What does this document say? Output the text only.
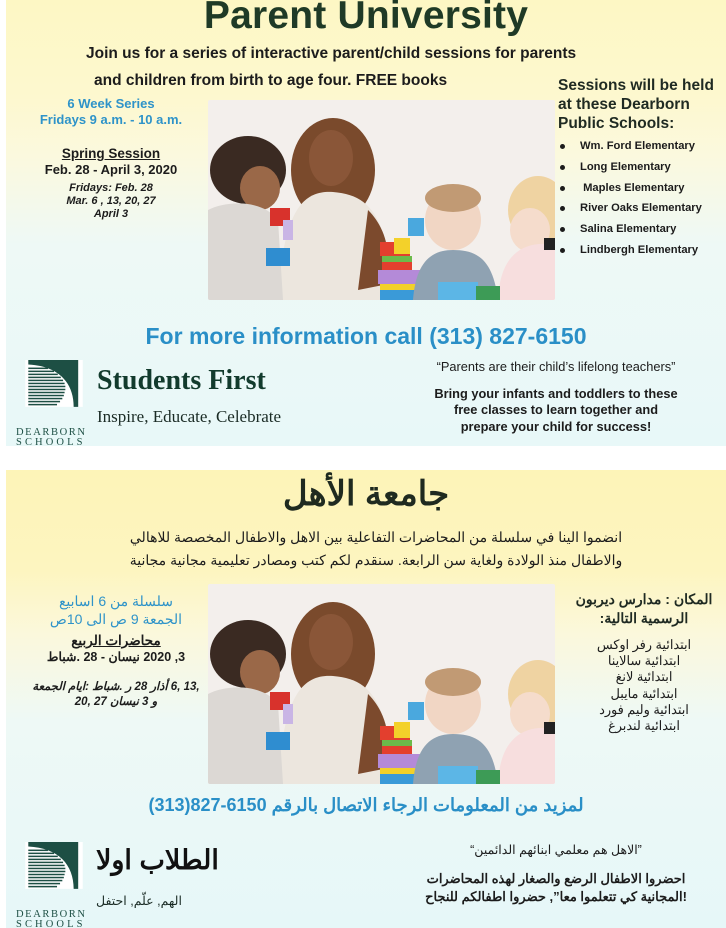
Parent University
Join us for a series of interactive parent/child sessions for parents
and children from birth to age four. FREE books
6 Week Series
Fridays 9 a.m. - 10 a.m.
Spring Session
Feb. 28 - April 3, 2020
Fridays: Feb. 28
Mar. 6 , 13, 20, 27
April 3
Sessions will be held at these Dearborn Public Schools:
Wm. Ford Elementary
Long Elementary
Maples Elementary
River Oaks Elementary
Salina Elementary
Lindbergh Elementary
For more information call (313) 827-6150
DEARBORN
SCHOOLS
Students First
Inspire, Educate, Celebrate
“Parents are their child’s lifelong teachers”
Bring your infants and toddlers to these
free classes to learn together and
prepare your child for success!
جامعة الأهل
انضموا الينا في سلسلة من المحاضرات التفاعلية بين الاهل والاطفال المخصصة للاهالي
والاطفال منذ الولادة ولغاية سن الرابعة. سنقدم لكم كتب ومصادر تعليمية مجانية مجانية
سلسلة من 6 اسابيع
الجمعة 9 ص الى 10ص
محاضرات الربيع
3, 2020 نيسان - 28 .شباط
,13 ,6 أذار 28 ر .شباط :ايام الجمعة
و 3 نيسان 27 ,20
المكان : مدارس ديربون
الرسمية التالية:
ابتدائية رفر اوكس
ابتدائية سالاينا
ابتدائية لانغ
ابتدائية مايبل
ابتدائية وليم فورد
ابتدائية لندبرغ
لمزيد من المعلومات الرجاء الاتصال بالرقم 6150-827(313)
DEARBORN
SCHOOLS
الطلاب اولا
الهم, علّم, احتفل
”الاهل هم معلمي ابنائهم الدائمين“
احضروا الاطفال الرضع والصغار لهذه المحاضرات
!المجانية كي تتعلموا معا”, حضروا اطفالكم للنجاح
